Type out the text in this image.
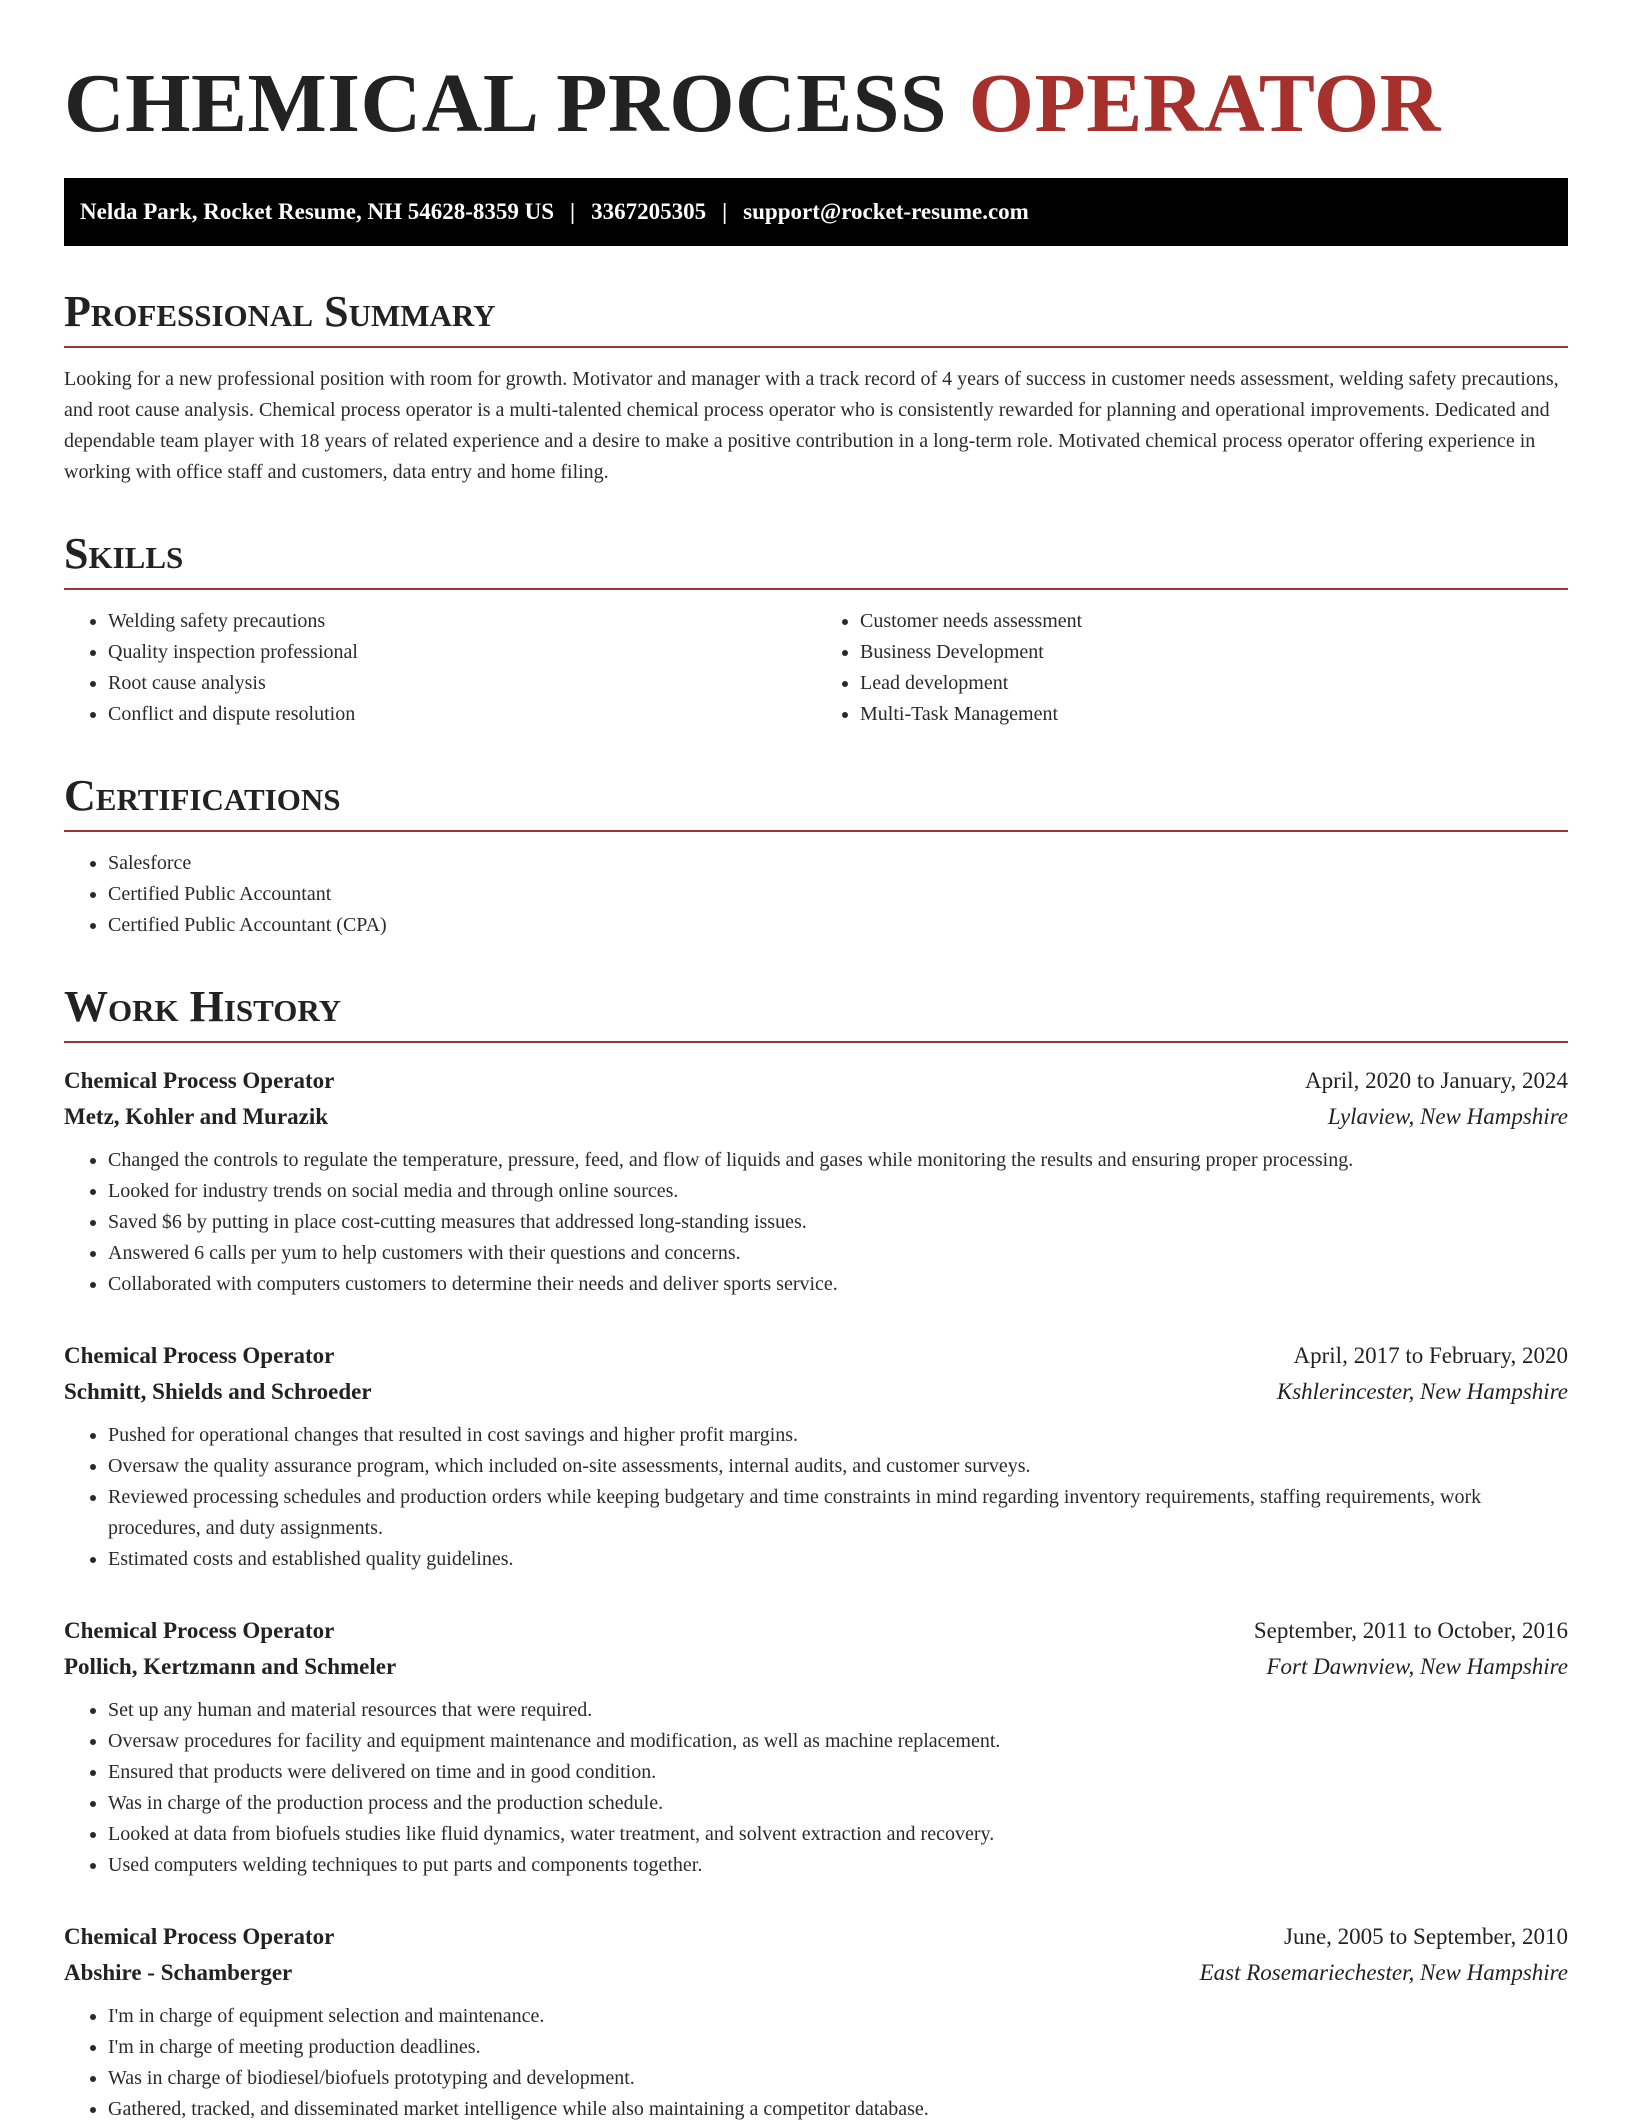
CHEMICAL PROCESS OPERATOR
Nelda Park, Rocket Resume, NH 54628-8359 US | 3367205305 | support@rocket-resume.com
Professional Summary

Looking for a new professional position with room for growth. Motivator and manager with a track record of 4 years of success in customer needs assessment, welding safety precautions, and root cause analysis. Chemical process operator is a multi-talented chemical process operator who is consistently rewarded for planning and operational improvements. Dedicated and dependable team player with 18 years of related experience and a desire to make a positive contribution in a long-term role. Motivated chemical process operator offering experience in working with office staff and customers, data entry and home filing.

Skills
• Welding safety precautions
• Quality inspection professional
• Root cause analysis
• Conflict and dispute resolution
• Customer needs assessment
• Business Development
• Lead development
• Multi-Task Management
Certifications
• Salesforce
• Certified Public Accountant
• Certified Public Accountant (CPA)
Work History
Chemical Process Operator	April, 2020 to January, 2024
Metz, Kohler and Murazik	Lylaview, New Hampshire
• Changed the controls to regulate the temperature, pressure, feed, and flow of liquids and gases while monitoring the results and ensuring proper processing.
• Looked for industry trends on social media and through online sources.
• Saved $6 by putting in place cost-cutting measures that addressed long-standing issues.
• Answered 6 calls per yum to help customers with their questions and concerns.
• Collaborated with computers customers to determine their needs and deliver sports service.
Chemical Process Operator	April, 2017 to February, 2020
Schmitt, Shields and Schroeder	Kshlerincester, New Hampshire
• Pushed for operational changes that resulted in cost savings and higher profit margins.
• Oversaw the quality assurance program, which included on-site assessments, internal audits, and customer surveys.
• Reviewed processing schedules and production orders while keeping budgetary and time constraints in mind regarding inventory requirements, staffing requirements, work procedures, and duty assignments.
• Estimated costs and established quality guidelines.
Chemical Process Operator	September, 2011 to October, 2016
Pollich, Kertzmann and Schmeler	Fort Dawnview, New Hampshire
• Set up any human and material resources that were required.
• Oversaw procedures for facility and equipment maintenance and modification, as well as machine replacement.
• Ensured that products were delivered on time and in good condition.
• Was in charge of the production process and the production schedule.
• Looked at data from biofuels studies like fluid dynamics, water treatment, and solvent extraction and recovery.
• Used computers welding techniques to put parts and components together.
Chemical Process Operator	June, 2005 to September, 2010
Abshire - Schamberger	East Rosemariechester, New Hampshire
• I'm in charge of equipment selection and maintenance.
• I'm in charge of meeting production deadlines.
• Was in charge of biodiesel/biofuels prototyping and development.
• Gathered, tracked, and disseminated market intelligence while also maintaining a competitor database.
